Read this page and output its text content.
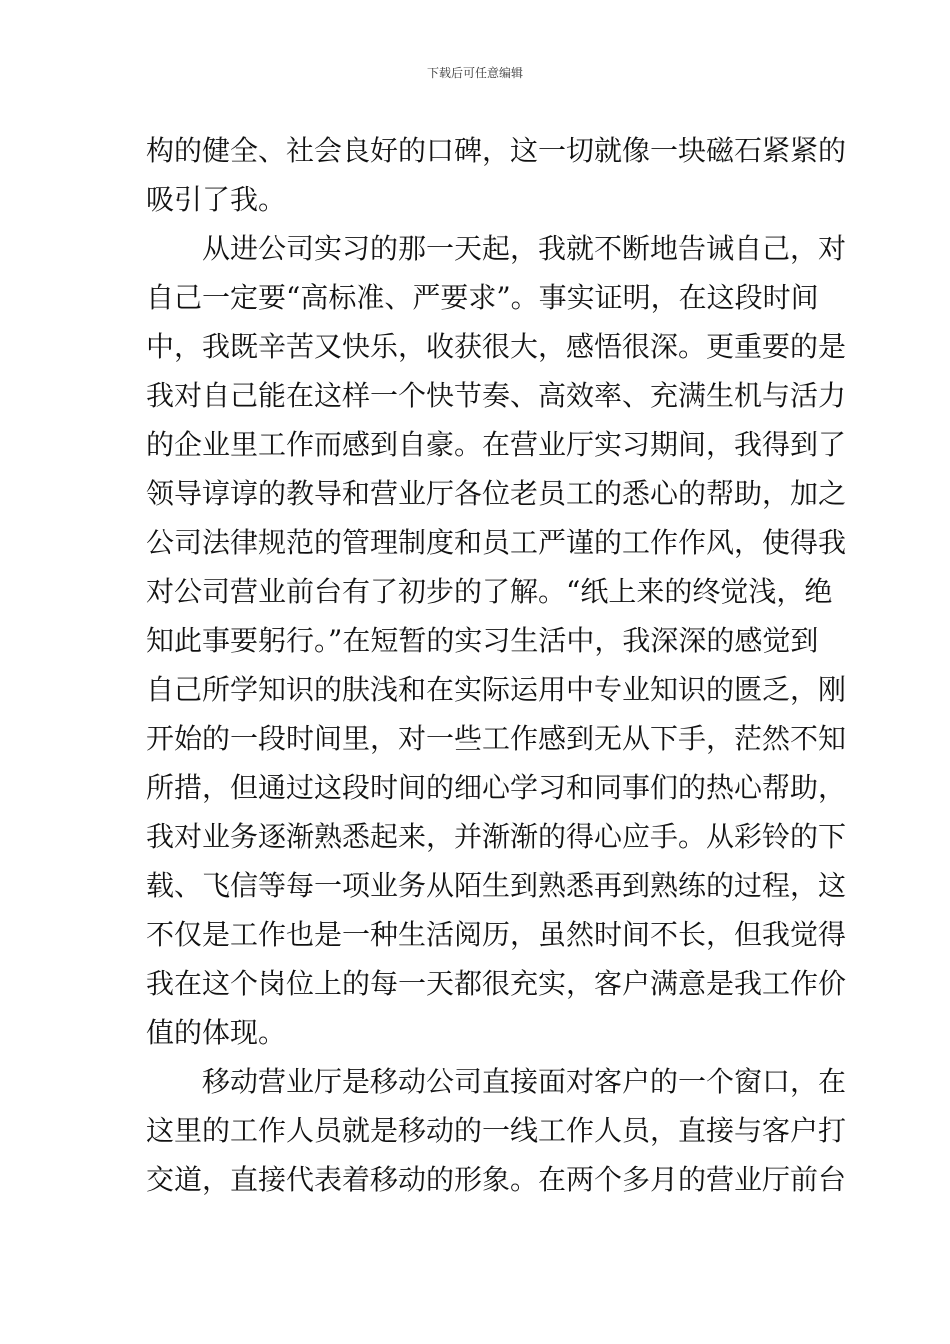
下载后可任意编辑
构的健全、社会良好的口碑，这一切就像一块磁石紧紧的
吸引了我。
从进公司实习的那一天起，我就不断地告诫自己，对
自己一定要“高标准、严要求”。事实证明，在这段时间
中，我既辛苦又快乐，收获很大，感悟很深。更重要的是
我对自己能在这样一个快节奏、高效率、充满生机与活力
的企业里工作而感到自豪。在营业厅实习期间，我得到了
领导谆谆的教导和营业厅各位老员工的悉心的帮助，加之
公司法律规范的管理制度和员工严谨的工作作风，使得我
对公司营业前台有了初步的了解。“纸上来的终觉浅，绝
知此事要躬行。”在短暂的实习生活中，我深深的感觉到
自己所学知识的肤浅和在实际运用中专业知识的匮乏，刚
开始的一段时间里，对一些工作感到无从下手，茫然不知
所措，但通过这段时间的细心学习和同事们的热心帮助，
我对业务逐渐熟悉起来，并渐渐的得心应手。从彩铃的下
载、飞信等每一项业务从陌生到熟悉再到熟练的过程，这
不仅是工作也是一种生活阅历，虽然时间不长，但我觉得
我在这个岗位上的每一天都很充实，客户满意是我工作价
值的体现。
移动营业厅是移动公司直接面对客户的一个窗口，在
这里的工作人员就是移动的一线工作人员，直接与客户打
交道，直接代表着移动的形象。在两个多月的营业厅前台
